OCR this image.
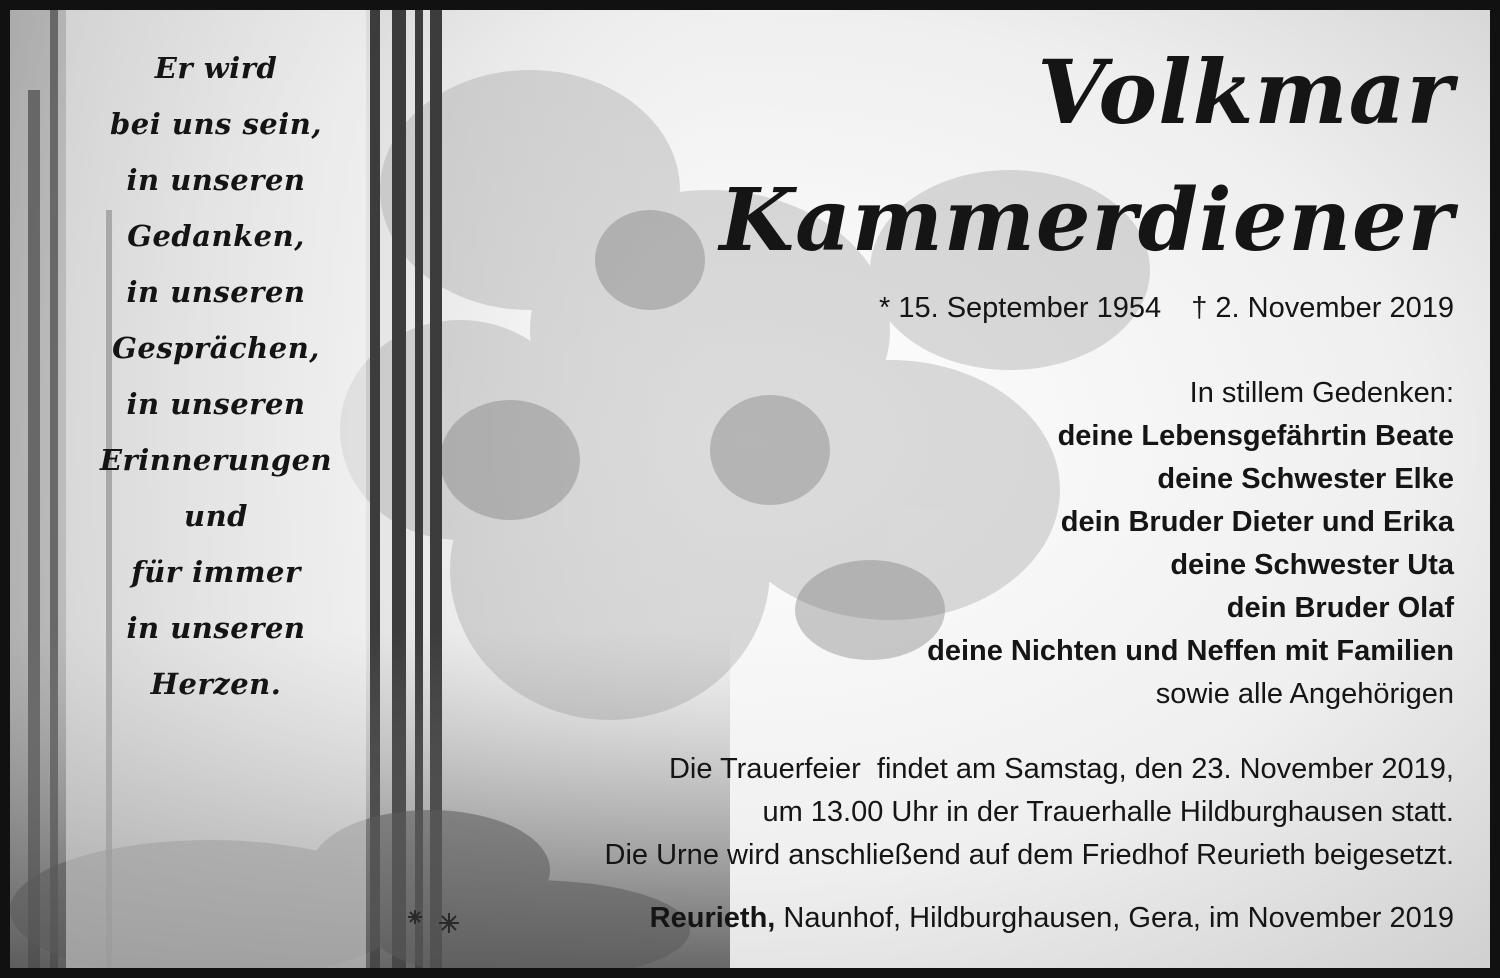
Er wird
bei uns sein,
in unseren
Gedanken,
in unseren
Gesprächen,
in unseren
Erinnerungen
und
für immer
in unseren
Herzen.
Volkmar
Kammerdiener
* 15. September 1954 † 2. November 2019
In stillem Gedenken:
deine Lebensgefährtin Beate
deine Schwester Elke
dein Bruder Dieter und Erika
deine Schwester Uta
dein Bruder Olaf
deine Nichten und Neffen mit Familien
sowie alle Angehörigen
Die Trauerfeier  findet am Samstag, den 23. November 2019,
um 13.00 Uhr in der Trauerhalle Hildburghausen statt.
Die Urne wird anschließend auf dem Friedhof Reurieth beigesetzt.
Reurieth, Naunhof, Hildburghausen, Gera, im November 2019
